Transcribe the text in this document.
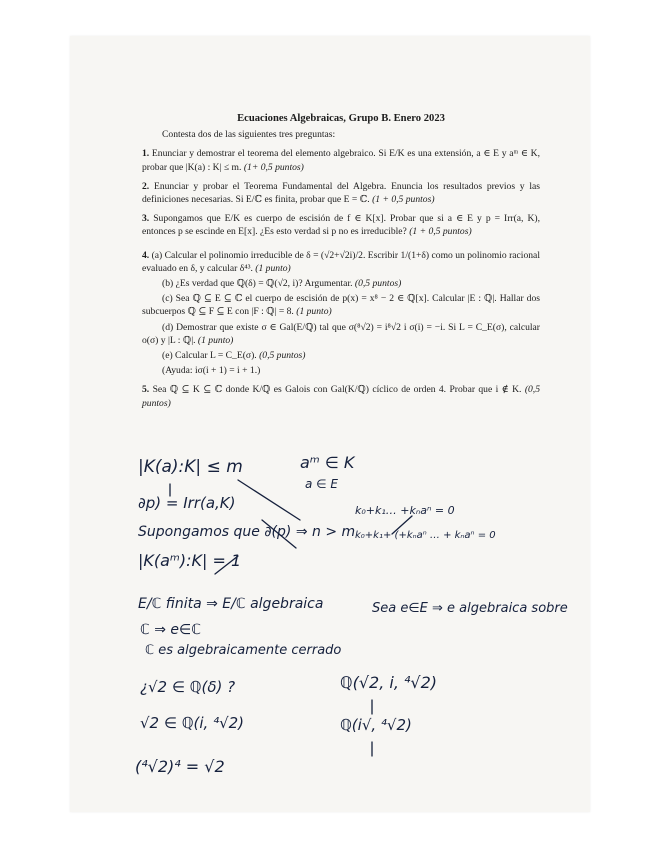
Ecuaciones Algebraicas, Grupo B. Enero 2023
Contesta dos de las siguientes tres preguntas:
1. Enunciar y demostrar el teorema del elemento algebraico. Si E/K es una extensión, a ∈ E y aᵐ ∈ K, probar que |K(a) : K| ≤ m. (1+ 0,5 puntos)
2. Enunciar y probar el Teorema Fundamental del Algebra. Enuncia los resultados previos y las definiciones necesarias. Si E/ℂ es finita, probar que E = ℂ. (1 + 0,5 puntos)
3. Supongamos que E/K es cuerpo de escisión de f ∈ K[x]. Probar que si a ∈ E y p = Irr(a, K), entonces p se escinde en E[x]. ¿Es esto verdad si p no es irreducible? (1 + 0,5 puntos)
4. (a) Calcular el polinomio irreducible de δ = (√2+√2i)/2. Escribir 1/(1+δ) como un polinomio racional evaluado en δ, y calcular δ⁴³. (1 punto)
(b) ¿Es verdad que ℚ(δ) = ℚ(√2, i)? Argumentar. (0,5 puntos)
(c) Sea ℚ ⊆ E ⊆ ℂ el cuerpo de escisión de p(x) = x⁸ − 2 ∈ ℚ[x]. Calcular |E : ℚ|. Hallar dos subcuerpos ℚ ⊆ F ⊆ E con |F : ℚ| = 8. (1 punto)
(d) Demostrar que existe σ ∈ Gal(E/ℚ) tal que σ(⁸√2) = i⁸√2 i σ(i) = −i. Si L = C_E(σ), calcular o(σ) y |L : ℚ|. (1 punto)
(e) Calcular L = C_E(σ). (0,5 puntos)
(Ayuda: iσ(i + 1) = i + 1.)
5. Sea ℚ ⊆ K ⊆ ℂ donde K/ℚ es Galois con Gal(K/ℚ) cíclico de orden 4. Probar que i ∉ K. (0,5 puntos)
|K(a):K| ≤ m	aᵐ ∈ K
a ∈ E
∂p) = Irr(a,K)	k₀+k₁… +kₙaⁿ = 0
Supongamos que ∂(p) ⇒ n > m k₀+k₁+ (+kₙaⁿ … + kₙaⁿ = 0
|K(aᵐ):K| = 1
E/ℂ finita ⇒ E/ℂ algebraica	Sea e∈E ⇒ e algebraica sobre
ℂ ⇒ e∈ℂ
ℂ es algebraicamente cerrado
¿√2 ∈ ℚ(δ) ?	ℚ(√2, i, ⁴√2)
√2 ∈ ℚ(i, ⁴√2)	ℚ(i√, ⁴√2)
(⁴√2)⁴ = √2
